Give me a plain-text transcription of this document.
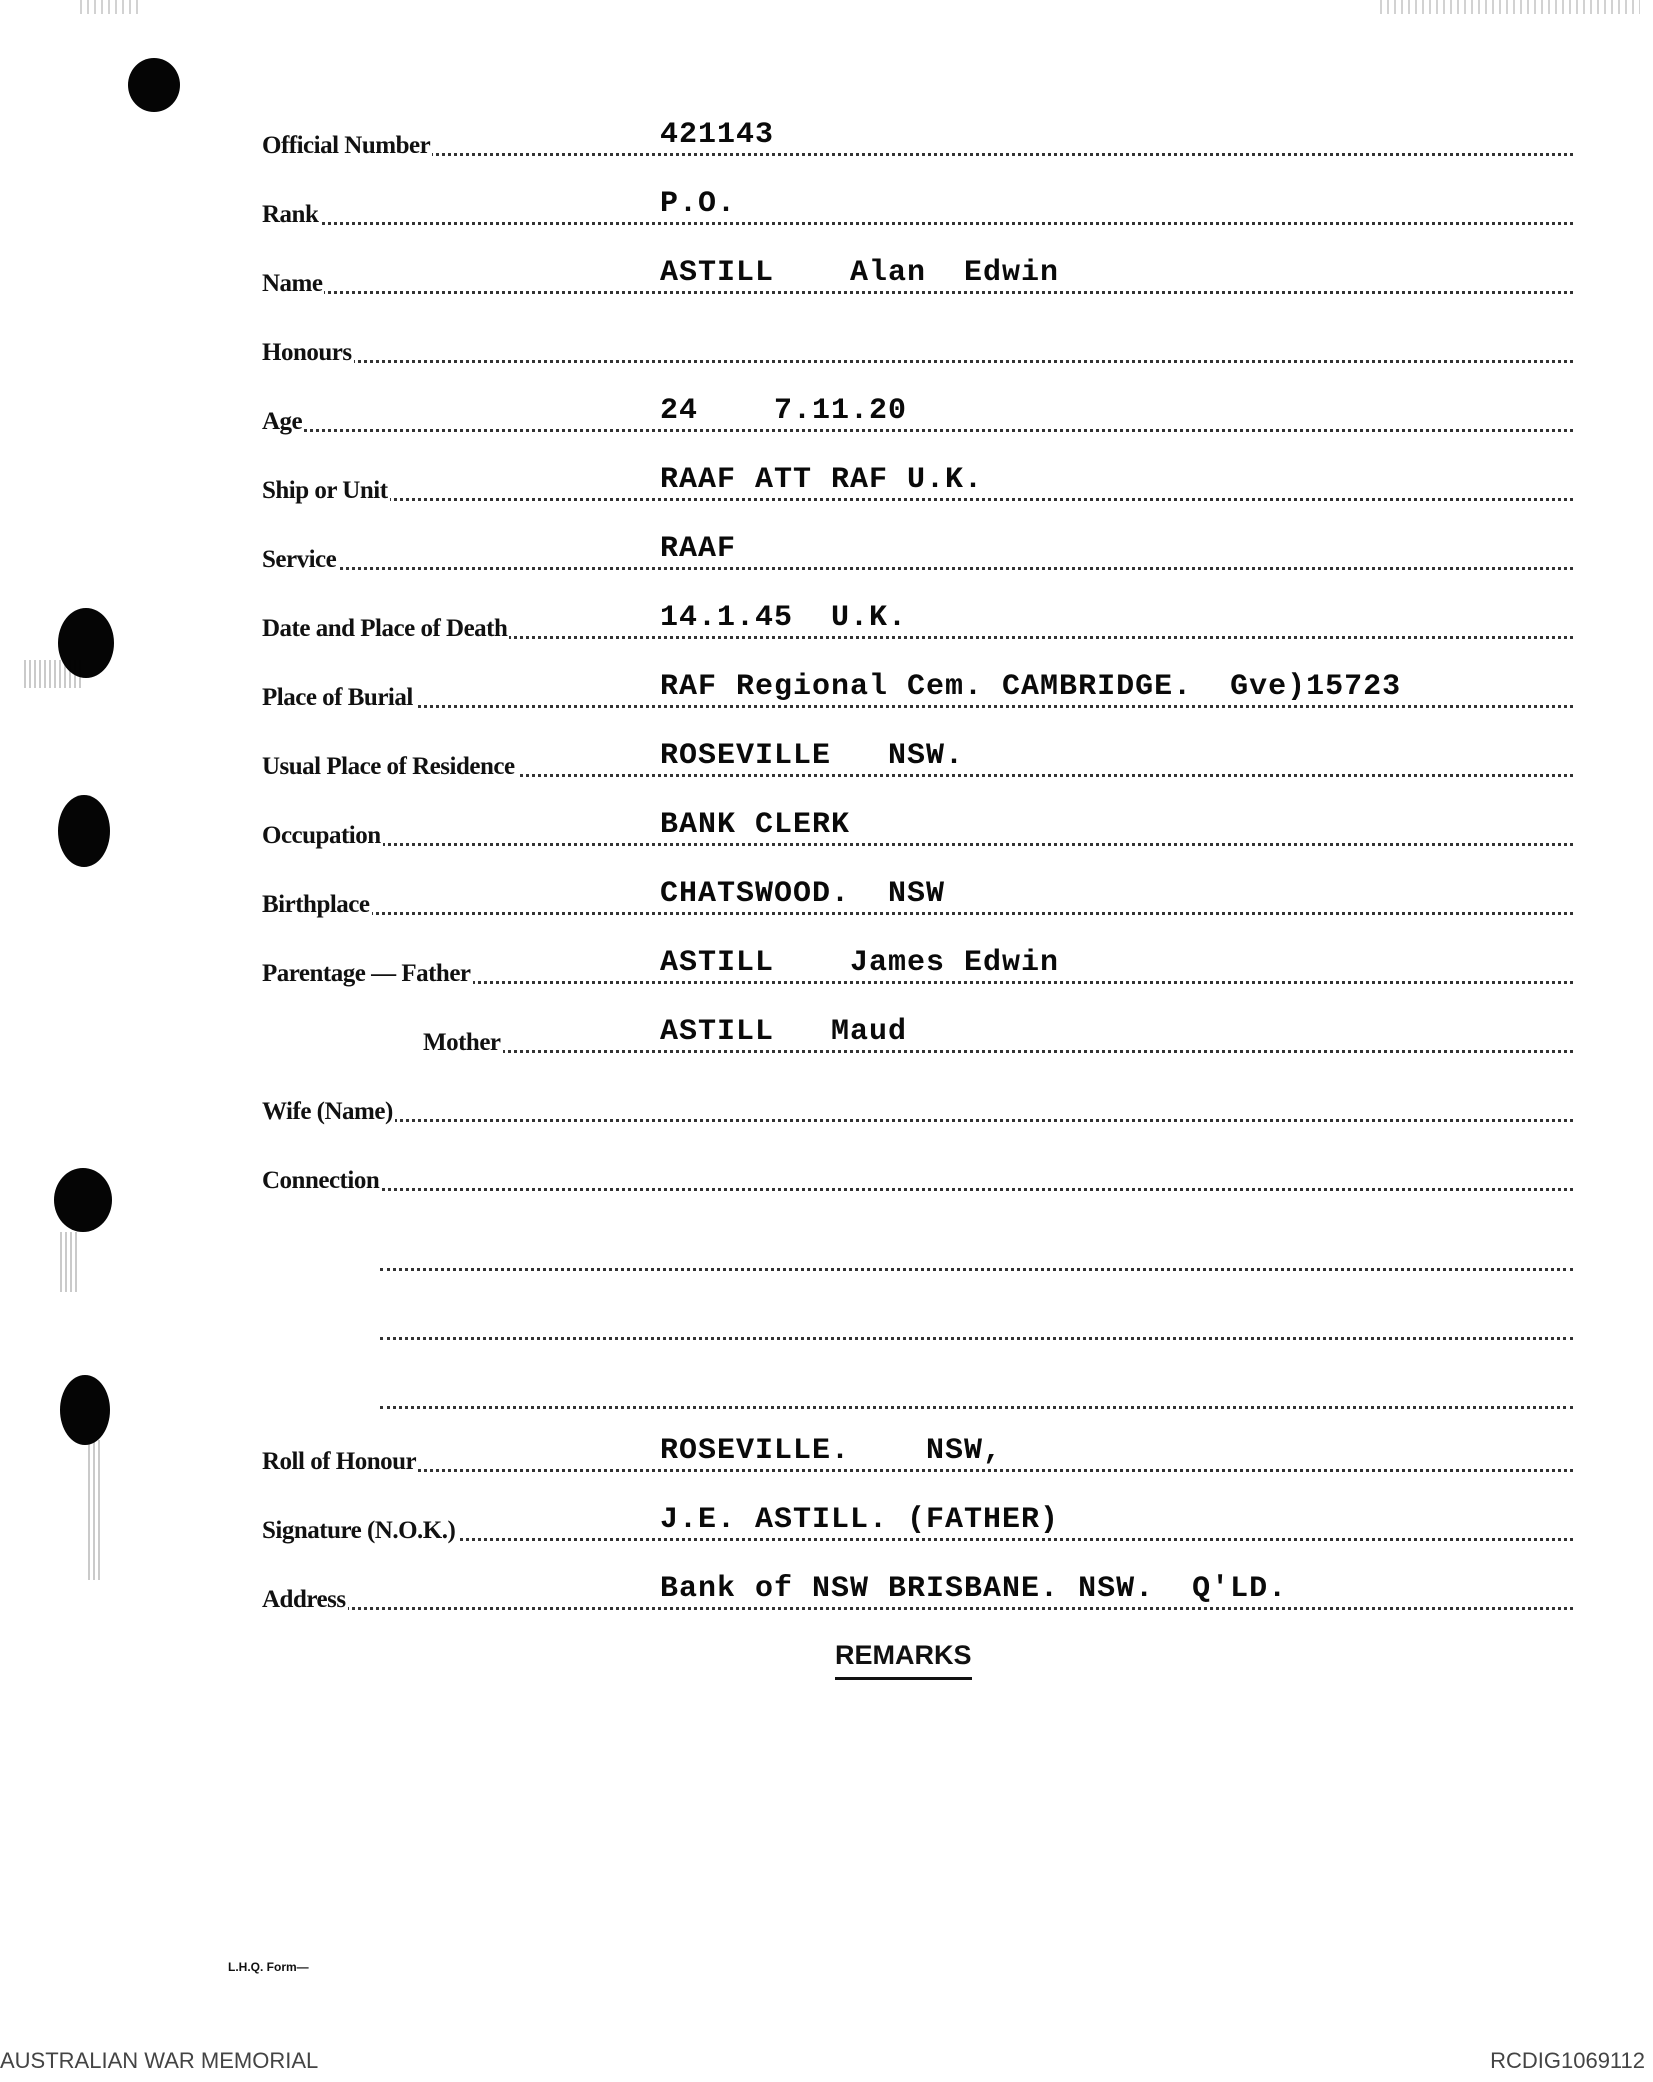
Official Number	421143
Rank	P.O.
Name	ASTILL    Alan  Edwin
Honours
Age	24    7.11.20
Ship or Unit	RAAF ATT RAF U.K.
Service	RAAF
Date and Place of Death	14.1.45  U.K.
Place of Burial	RAF Regional Cem. CAMBRIDGE.  Gve)15723
Usual Place of Residence	ROSEVILLE   NSW.
Occupation	BANK CLERK
Birthplace	CHATSWOOD.  NSW
Parentage — Father	ASTILL    James Edwin
Mother	ASTILL   Maud
Wife (Name)
Connection
Roll of Honour	ROSEVILLE.    NSW,
Signature (N.O.K.)	J.E. ASTILL. (FATHER)
Address	Bank of NSW BRISBANE. NSW.  Q'LD.
REMARKS
L.H.Q. Form—
AUSTRALIAN WAR MEMORIAL	RCDIG1069112
